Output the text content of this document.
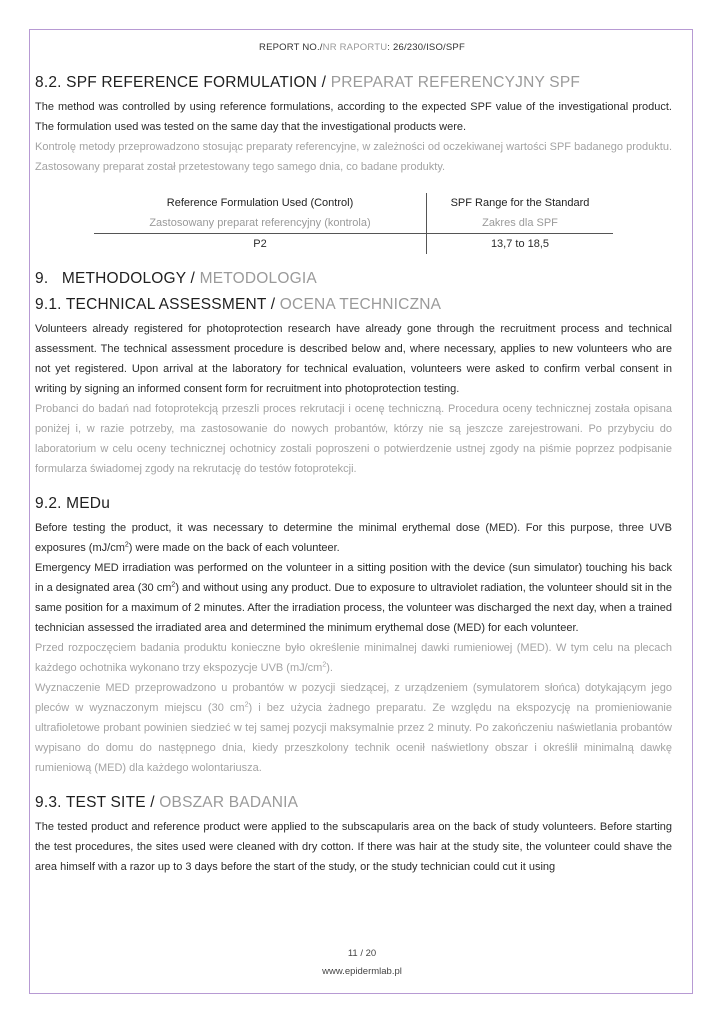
REPORT NO./NR RAPORTU: 26/230/ISO/SPF
8.2. SPF REFERENCE FORMULATION / PREPARAT REFERENCYJNY SPF

The method was controlled by using reference formulations, according to the expected SPF value of the investigational product. The formulation used was tested on the same day that the investigational products were.

Kontrolę metody przeprowadzono stosując preparaty referencyjne, w zależności od oczekiwanej wartości SPF badanego produktu. Zastosowany preparat został przetestowany tego samego dnia, co badane produkty.

Reference Formulation Used (Control)	SPF Range for the Standard
Zastosowany preparat referencyjny (kontrola)	Zakres dla SPF
P2	13,7 to 18,5
9.   METHODOLOGY / METODOLOGIA
9.1. TECHNICAL ASSESSMENT / OCENA TECHNICZNA

Volunteers already registered for photoprotection research have already gone through the recruitment process and technical assessment. The technical assessment procedure is described below and, where necessary, applies to new volunteers who are not yet registered. Upon arrival at the laboratory for technical evaluation, volunteers were asked to confirm verbal consent in writing by signing an informed consent form for recruitment into photoprotection testing.

Probanci do badań nad fotoprotekcją przeszli proces rekrutacji i ocenę techniczną. Procedura oceny technicznej została opisana poniżej i, w razie potrzeby, ma zastosowanie do nowych probantów, którzy nie są jeszcze zarejestrowani. Po przybyciu do laboratorium w celu oceny technicznej ochotnicy zostali poproszeni o potwierdzenie ustnej zgody na piśmie poprzez podpisanie formularza świadomej zgody na rekrutację do testów fotoprotekcji.

9.2. MEDu

Before testing the product, it was necessary to determine the minimal erythemal dose (MED). For this purpose, three UVB exposures $(mJ/cm^2)$ were made on the back of each volunteer.

Emergency MED irradiation was performed on the volunteer in a sitting position with the device (sun simulator) touching his back in a designated area (30 $cm^2$) and without using any product. Due to exposure to ultraviolet radiation, the volunteer should sit in the same position for a maximum of 2 minutes. After the irradiation process, the volunteer was discharged the next day, when a trained technician assessed the irradiated area and determined the minimum erythemal dose (MED) for each volunteer.

Przed rozpoczęciem badania produktu konieczne było określenie minimalnej dawki rumieniowej (MED). W tym celu na plecach każdego ochotnika wykonano trzy ekspozycje UVB $(mJ/cm^2)$.

Wyznaczenie MED przeprowadzono u probantów w pozycji siedzącej, z urządzeniem (symulatorem słońca) dotykającym jego pleców w wyznaczonym miejscu (30 $cm^2$) i bez użycia żadnego preparatu. Ze względu na ekspozycję na promieniowanie ultrafioletowe probant powinien siedzieć w tej samej pozycji maksymalnie przez 2 minuty. Po zakończeniu naświetlania probantów wypisano do domu do następnego dnia, kiedy przeszkolony technik ocenił naświetlony obszar i określił minimalną dawkę rumieniową (MED) dla każdego wolontariusza.

9.3. TEST SITE / OBSZAR BADANIA

The tested product and reference product were applied to the subscapularis area on the back of study volunteers. Before starting the test procedures, the sites used were cleaned with dry cotton. If there was hair at the study site, the volunteer could shave the area himself with a razor up to 3 days before the start of the study, or the study technician could cut it using

11 / 20
www.epidermlab.pl
